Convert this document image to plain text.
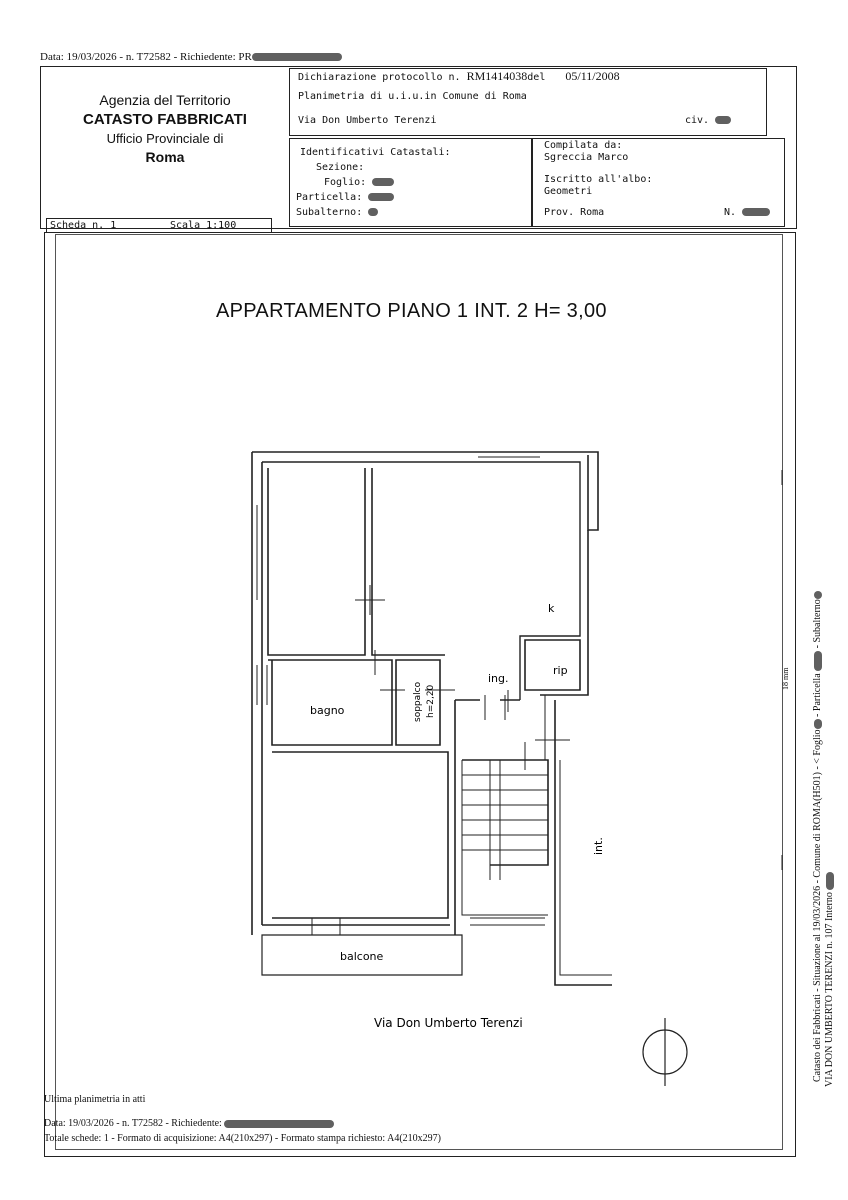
Data: 19/03/2026 - n. T72582 - Richiedente: PR
Agenzia del Territorio
CATASTO FABBRICATI
Ufficio Provinciale di
Roma
Dichiarazione protocollo n. RM1414038del 05/11/2008
Planimetria di u.i.u.in Comune di Roma
Via Don Umberto Terenzi	civ.
Identificativi Catastali:
Sezione:
Foglio:
Particella:
Subalterno:
Compilata da:
Sgreccia Marco
Iscritto all'albo:
Geometri
Prov. Roma	N.
Scheda n. 1	Scala 1:100
APPARTAMENTO PIANO 1 INT. 2 H= 3,00
k
rip
ing.
bagno	soppalco h=2,20
int.
balcone
Via Don Umberto Terenzi	Catasto dei Fabbricati - Situazione al 19/03/2026 - Comune di ROMA(H501) - < Foglio - Particella  - Subalterno
VIA DON UMBERTO TERENZI n. 107 Interno
18 mm
Ultima planimetria in atti
Data: 19/03/2026 - n. T72582 - Richiedente:
Totale schede: 1 - Formato di acquisizione: A4(210x297) - Formato stampa richiesto: A4(210x297)
